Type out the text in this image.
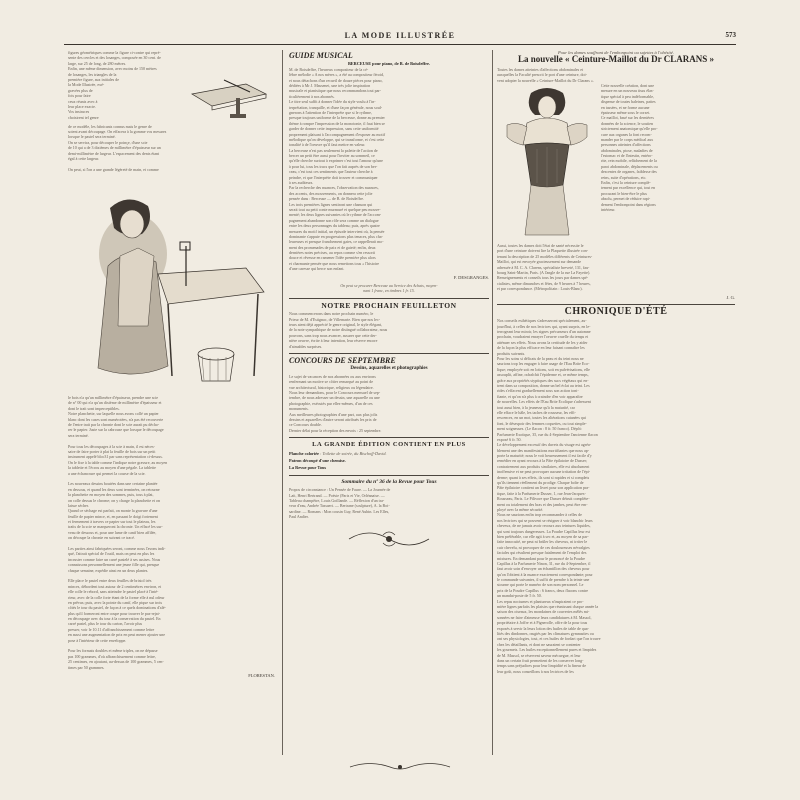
LA MODE ILLUSTRÉE	573
figures géométriques comme la figure ci-contre qui repré-
sente des cercles et des losanges, composée en 30 cent. de
large, sur 25 de long, de 280 mètres.
Enfin, une même dimension, avec moins de 150 mètres
de losanges, les triangles de la
première figure, aux initiales de
la Mode Illustrée, exé-
gravées plus de
fois pour faire
ceux réunis avec à
leur place exacte.
Vos instruces
choisirent tel genre
de ce modèle, les fabricants connus mais le genre de
soient avant découpage. On effacera à la gomme vos mesures
lorsque le pastel sera terminé.
On se servira, pour découper le poinçe, d'une scie
de 10 qui a de 3 dixièmes de millimètre d'épaisseur sur un
demi-millimètre de largeur. L'espacement des dents étant
égal à cette largeur.
On peut, si l'on a une grande légèreté de main, et comme
le bois n'a qu'un millimètre d'épaisseur, prendre une scie
de n° 00 qui n'a qu'un dixième de millimètre d'épaisseur et
dont le trait sont imperceptibles.
Notre planchette, sur laquelle nous avons collé un papier
blanc dont les cases sont numérotées, n'a pas été recouverte
de l'entre trait par la chronie dont le scie aurait pu décho-
rer le papier. Juste sur la cabrouse que lorsque le découpage
sera terminé.
Pour tous les découpages à la scie à main, il est néces-
saire de faire porter à plat la feuille de bois sur un petit
instrument appelé bloc31 par sans représentation ci-dessus.
On le fixe à la table comme l'indique notre gravure, au moyen
la tablette et l'écrou au moyen d'une pégale. La tablette
a une échancrure qui permet la course de la scie.
Les nouveaux dessins boutées dans une certaine plantée
en dessous, et quand les deux sont terminées, on retourne
la planchette en moyen des sommes, puis, tous à plat,
on colle dessus le chrome; on y charge la planchette et on
laisse sécher.
Quand ce séchage est parfait, on monte la gravure d'une
feuille de papier mince, et, en passant le doigt fortement
et fermement à travers ce papier sur tout le plateau, les
traits de la scie se marqueront la chronie. Un effacé les sur-
veau de dessous et, pour une lame de canif bien affilée,
on découpe la chronie en suivant ce tracé.
Les parties ainsi fabriquées seront, comme nous l'avons indi-
qué, l'attrait spécial de l'outil, mais on peut en plus les
incruster comme faire un carré pastelé à ses assises. Nous
connaissons personnellement une jeune fille qui, presque
chaque semaine, expédie ainsi en un deux plantes.
Elle place le pastel entre deux feuilles de bristol très
minces, débordent tout autour de 2 centimètres environ, et
elle colle le rebord, sans atteindre le pastel placé à l'inté-
rieur, avec de la colle forte étant de la forme elle à nul odeur
en prêvus; puis, avec la pointe du canif, elle pique sur trois
côtés le tour du pastel, de façon à ce quels dominations d'alé-
plus qu'il formeront entre coupe pour trouver le pas-rejat-
en découpage avec du tour à la conservation du pastel. En
carré pastel, plus le tour du carton, l'avoir plus
presser, voir le 10.11 d'affranchissement comme lettre
en aussi une augmentation de prix en peut mener ajouter une
pose à l'intérieur de cette enveloppe.
Pour les formats doubles et même triples, on ne dépasse
pas 100 grammes, d'où affranchissement comme lettre,
25 centimes, en ajoutant, au-dessus de 100 grammes, 5 cen-
times par 50 grammes.
FLORESTAN.
GUIDE MUSICAL
BERCEUSE pour piano, de B. de Boisdeffre.
M. de Boisdeffre, l'heureux compositeur de la cé-
lèbre mélodie « A nos mères », a été au compositeur féroid,
et nous détachons d'un recueil de douze pièces pour piano,
dédiées à Mr J. Massenet, une très jolie inspiration
musicale et pianistique que nous recommandons tout par-
ticulièrement à nos abonnés.
Le titre seul suffit à donner l'idée du style voulu à l'in-
terprétation, tranquille, et d'une façon générale, nous soul-
gnerons à l'attention de l'interprète que si le rythme,
presque toujours uniforme de la berceuse, donne au premier
thème à rompre l'impression de la monotonie, il faut bien se
garder de donner cette impression, sans cette uniformité
proprement plaisant à l'accompagnement d'exposer au motif
mélodique qu'on développe, qui se transforme, et c'est cette
tonalité à de l'oeuvre qu'il faut mettre en valeur.
La berceuse n'est pas seulement la palette de l'action de
bercer un petit être aussi pour l'inviter au sommeil, ce
qu'elle cherche surtout à exprimer c'est tout l'amour qu'une
à pour lui, tous les trucs que l'on fait auprès de son ber-
ceau, c'est tout ces sentiments que l'auteur cherche à
peindre, et que l'interprète doit trouver et communiquer
à ses auditeurs.
Par la recherche des nuances, l'observation des nuances,
des accents, des mouvements, on donnera cette jolie
pensée dans : Berceuse — de B. de Boisdeffre.
Les trois premières lignes sentiront une chanson qui
serait tout au petit conte murmuré et quelque peu mouve-
menté; les deux lignes suivantes où le rythme de l'accom-
pagnement abandonne son rôle sera comme un dialogue
entre les deux personnages du tableau; puis, après quatre
mesures du motif initial, un épisode intervient où, la pensée
dominante s'appuie en progressions plus tenaces, plus cha-
leureuses et presque franchement gaies, ce rappellerait mo-
ment des promenades de paix et de gaieté; enfin, deux
dernières notes précises, au repos comme s'en ressorti
douce et rêveuse en ramener l'idée première plus alors
et charmante pensée que nous remettons tous « l'histoire
d'une caresse qui berce son enfant.
F. DESGRANGES.
On peut se procurer Berceuse au Service des Achats, moyen-
nant 1 franc, en timbres 1 fr. 15.
NOTRE PROCHAIN FEUILLETON
Nous commencerons dans notre prochain numéro, le
Prieur de M. d'Estignac, de Villemarie. Bien que nos lec-
teurs aient déjà apprécié le genre original, le style élégant,
de la note sympathique de notre distingué collaborateur, nous
pouvons, sans trop nous avancer, assurer que cette der-
nière oeuvre, écrite à leur intention, leur réserve encore
d'aimables surprises.
CONCOURS DE SEPTEMBRE
Dessins, aquarelles et photographies
Le sujet de vacances de nos abonnées ou aux environs
renfermant un motive se côtier remarqué au point de
vue architectural, historique, religieux ou légendaire.
Nous leur demandons, pour le Concours mensuel de sep-
tembre, de nous adresser un dessin, une aquarelle ou une
photographie, exécutés par elles-mêmes, d'un de ces
monuments.
Aux meilleures photographies d'une part, aux plus jolis
dessins et aquarelles d'autre seront attribués les prix de
ce Concours double.
Dernier délai pour la réception des envois : 25 septembre.
LA GRANDE ÉDITION CONTIENT EN PLUS
Planche coloriée : Toilette de soirée, du Bischoff-David.
Patron découpé d'une chemise.
La Revue pour Tous
Sommaire du nº 36 de la Revue pour Tous
Propos de circonstance : Un Pensée de Faure. — La Journée de
Lait, Henri Bertrand. — Poésie (Paris et Vie, Orléanaise. —
Tableau champêtre, Louis Goillande. — Réflexion d'un tra-
veur d'eau, Andrée Tassaert. — Bertrane (sculpture), A. la Boi-
sardine. — Romans : Mon cousin Guy, René Aubin. Les Elles,
Paul Andier.
Pour les dames souffrant de l'embonpoint ou sujettes à l'obésité.
La nouvelle « Ceinture-Maillot du Dr CLARANS »
Toutes les dames atteintes d'affections abdominales et
auxquelles la Faculté prescrit le port d'une ceinture, doi-
vent adopter la nouvelle « Ceinture-Maillot du Dr Clarans ».
Cette nouvelle création, dont une
mesure en un nouveau tissu élas-
tique spécial à peu indéformable,
dispense de toutes baleines, pattes
en tassées, et ne forme aucune
épaisseur même sous le corset.
Ce maillot, basé sur les dernières
données de la science, le soutien
strictement anatomique qu'elle pro-
cure aux organes la font recom-
mander par le corps médical aux
personnes atteintes d'affections
abdominales, ptose, maladies de
l'estomac et de l'intestin, entéro-
rite, rein mobile, relâchement de la
paroi abdominale, déplacements ou
descentes de organes, faiblesse des
reins, suite d'opérations, etc.
Enfin, c'est la ceinture complè-
tement par excellence qui, tout en
procurant le bien-être le plus
absolu, permet de réduire rapi-
dement l'embonpoint dans régions
intérieur.
Aussi, toutes les dames doit l'état de santé nécessite le
port d'une ceinture doivent lire la Plaquette illustrée con-
tenant la description de 25 modèles différents de Ceintures-
Maillot, qui est envoyée gracieusement sur demande
adressée à M. C. A. Clarens, spécialiste breveté, 131, fau-
bourg Saint-Martin, Paris. (A l'angle de la rue La Fayette).
Renseignements et conseils tous les jours par dames spé-
cialistes, même dimanches et fêtes, de 9 heures à 7 heures,
et par correspondance. (Métropolitain : Louis-Blanc).
J. G.
CHRONIQUE D'ÉTÉ
Nos conseils esthétiques s'adresseront spécialement, au-
jourd'hui, à celles de nos lectrices qui, ayant surpris, en le-
terrogeant leur miroir, les signes précurseurs d'un automne
prochain, voudraient enrayer l'oeuvre cruelle du temps et
atténuer ses effets. Nous avons la certitude de les y aider
de la façon la plus efficace en leur faisant connaître les
produits suivants.
Pour les soins si délicats de la peau et du teint nous ne
saurions trop les engager à faire usage de l'Eau Brite Eco-
lique; employée soit en lotions, soit en pulvérisations, elle
assouplit, affine, rafraîchit l'épiderme et, ce même temps,
grâce aux propriétés styptiques des sucs végétaux qui en-
trent dans sa composition, donne un bel éclat au teint. Les
rides s'effacent graduellement sous son action toni-
fiante, et qu'on n'a plus à craindre d'en voir apparaître
de nouvelles. Les effets de l'Eau Brite Ecolique s'adressent
tout aussi bien, à la jeunesse qu'à la maturité, car
elle efface le hâle, les taches de rousseur, les effi-
rescences, en un mot, toutes les altérations cutanées qui
font, le désespoir des femmes coquettes, ou tout simple-
ment soigneuses. (Le flacon : 8 fr. 50 franco). Dépôt:
Parfumerie Exotique, 35, rue du 4-Septembre l'ancienne flacon
exposé 6 fr. 50.
Le développement excessif des duvets du visage est agréa-
blement une des manifestations mortifiantes que nous ap-
porte la maturité; nous le voit heureusement il est facile d'y
remédier en ayant recours à la Pâte épilatoire de Dusser;
contrairement aux produits similaires, elle est absolument
inoffensive et ne peut provoquer aucune irritation de l'épi-
derme; quant à ses effets, ils sont si rapides et si complets
qu'ils tiennent réellement du prodige. Chaque boîte de
Pâte épilatoire contient un livret pour son application pra-
tique, faite à la Parfumerie Dusser, 1, rue Jean-Jacques-
Rousseau, Paris. Le Pilivore que Dusser détruit complète-
ment ou totalement des bras et des jambes, peut être em-
ployé avec la même sécurité.
Nous ne saurions enfin trop recommander à celles de
nos lectrices qui se pouvent se résigner à voir blanchir leurs
cheveux, de ne jamais avoir recours aux teintures liquides,
qui sont toujours dangereuses. La Poudre Capillus leur est
bien préférable, car elle agit à sec et, au moyen de sa par-
faite innocuité, ne peut ni brûler les cheveux, ni irriter le
cuir chevelu, ni provoquer de ces douloureuses névralgies
faciales qui résultent presque fatalement de l'emploi des
mixtures. En demandant pour le prononcé de la Poudre
Capillus à la Parfumerie Ninon, 31, rue du 4-Septembre, il
faut avoir soin d'envoyer un échantillon des cheveux pour
qu'on l'obtient à la nuance exactement correspondante; pour
le commande suivantes, il suffit de prendre à la teinte une
stourne qui porte le numéro de son nom personnel. Le
prix de la Poudre Capillus : 6 francs, deux flacons contre
un mandat-poste de 5 fr. 50.
Les repas nocturnes et plantureux n'inspiraient ce pro-
mière lignes parfaits les plaisirs que réunissant chaque année la
saison des oiseaux, les mondaines de couvertes mêlés mi-
sonnées ne faire d'aimeuse leurs candidatures à M. Massol,
propriétaire à Joffre et à Pignerolle, offre de la pour tous
exposés à servir la leurs lotion des huiles de table de qua-
lités des dindonnes, rasgtés par les climatures gymnasties ou
ont ses physiologies, tout, et ces huiles de fordart que l'on trouve
chez les détaillants, et dont ne sauraient se contenter
les gourmets. Les huiles exceptionnellement pures et limpides
de M. Massol, se réservent saveur mécuegue, et leur
dans un certain fruit permettent de les conserver long-
temps sans préjudices pour leur limpidité et la fineur de
leur goût, nous conseillons à nos lectrices de les
